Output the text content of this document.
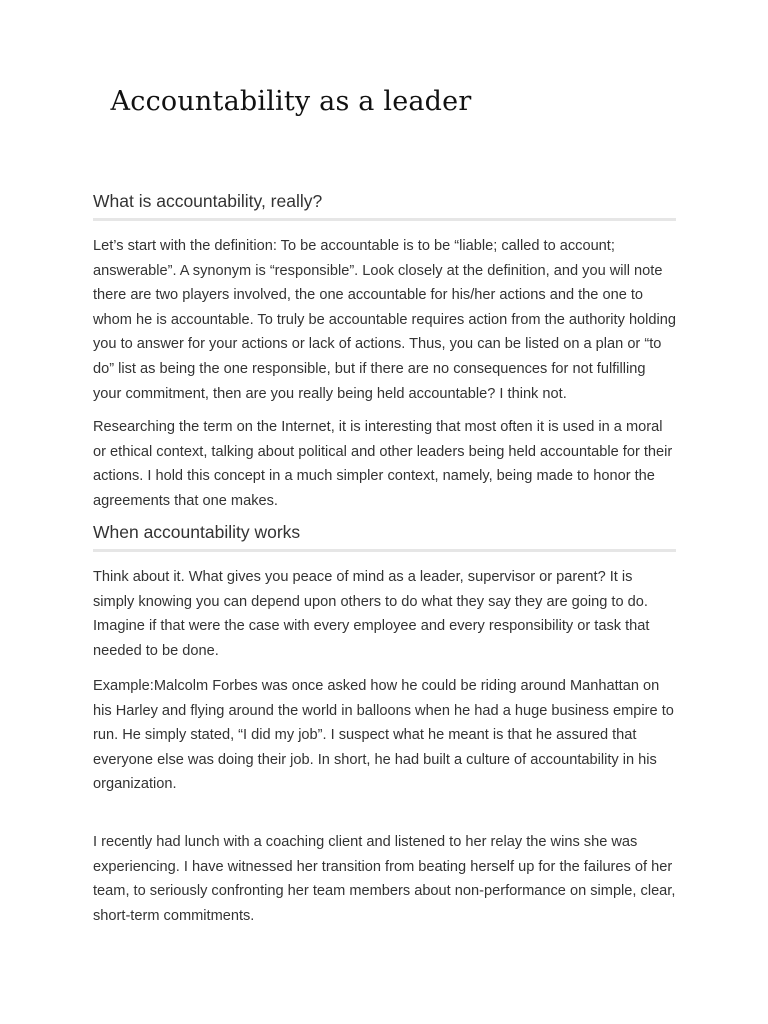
Accountability as a leader
What is accountability, really?

Let’s start with the definition: To be accountable is to be “liable; called to account; answerable”. A synonym is “responsible”. Look closely at the definition, and you will note there are two players involved, the one accountable for his/her actions and the one to whom he is accountable. To truly be accountable requires action from the authority holding you to answer for your actions or lack of actions. Thus, you can be listed on a plan or “to do” list as being the one responsible, but if there are no consequences for not fulfilling your commitment, then are you really being held accountable? I think not.

Researching the term on the Internet, it is interesting that most often it is used in a moral or ethical context, talking about political and other leaders being held accountable for their actions. I hold this concept in a much simpler context, namely, being made to honor the agreements that one makes.

When accountability works

Think about it. What gives you peace of mind as a leader, supervisor or parent? It is simply knowing you can depend upon others to do what they say they are going to do. Imagine if that were the case with every employee and every responsibility or task that needed to be done.

Example:Malcolm Forbes was once asked how he could be riding around Manhattan on his Harley and flying around the world in balloons when he had a huge business empire to run. He simply stated, “I did my job”. I suspect what he meant is that he assured that everyone else was doing their job. In short, he had built a culture of accountability in his organization.

I recently had lunch with a coaching client and listened to her relay the wins she was experiencing. I have witnessed her transition from beating herself up for the failures of her team, to seriously confronting her team members about non-performance on simple, clear, short-term commitments.
